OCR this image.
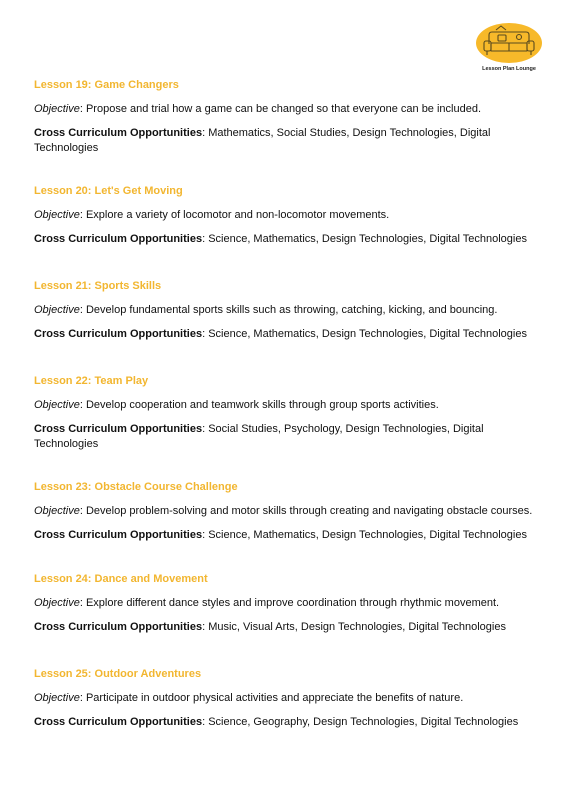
Lesson Plan Lounge
Lesson 19: Game Changers

Objective: Propose and trial how a game can be changed so that everyone can be included.

Cross Curriculum Opportunities: Mathematics, Social Studies, Design Technologies, Digital Technologies

Lesson 20: Let's Get Moving

Objective: Explore a variety of locomotor and non-locomotor movements.

Cross Curriculum Opportunities: Science, Mathematics, Design Technologies, Digital Technologies

Lesson 21: Sports Skills

Objective: Develop fundamental sports skills such as throwing, catching, kicking, and bouncing.

Cross Curriculum Opportunities: Science, Mathematics, Design Technologies, Digital Technologies

Lesson 22: Team Play

Objective: Develop cooperation and teamwork skills through group sports activities.

Cross Curriculum Opportunities: Social Studies, Psychology, Design Technologies, Digital Technologies

Lesson 23: Obstacle Course Challenge

Objective: Develop problem-solving and motor skills through creating and navigating obstacle courses.

Cross Curriculum Opportunities: Science, Mathematics, Design Technologies, Digital Technologies

Lesson 24: Dance and Movement

Objective: Explore different dance styles and improve coordination through rhythmic movement.

Cross Curriculum Opportunities: Music, Visual Arts, Design Technologies, Digital Technologies

Lesson 25: Outdoor Adventures

Objective: Participate in outdoor physical activities and appreciate the benefits of nature.

Cross Curriculum Opportunities: Science, Geography, Design Technologies, Digital Technologies
